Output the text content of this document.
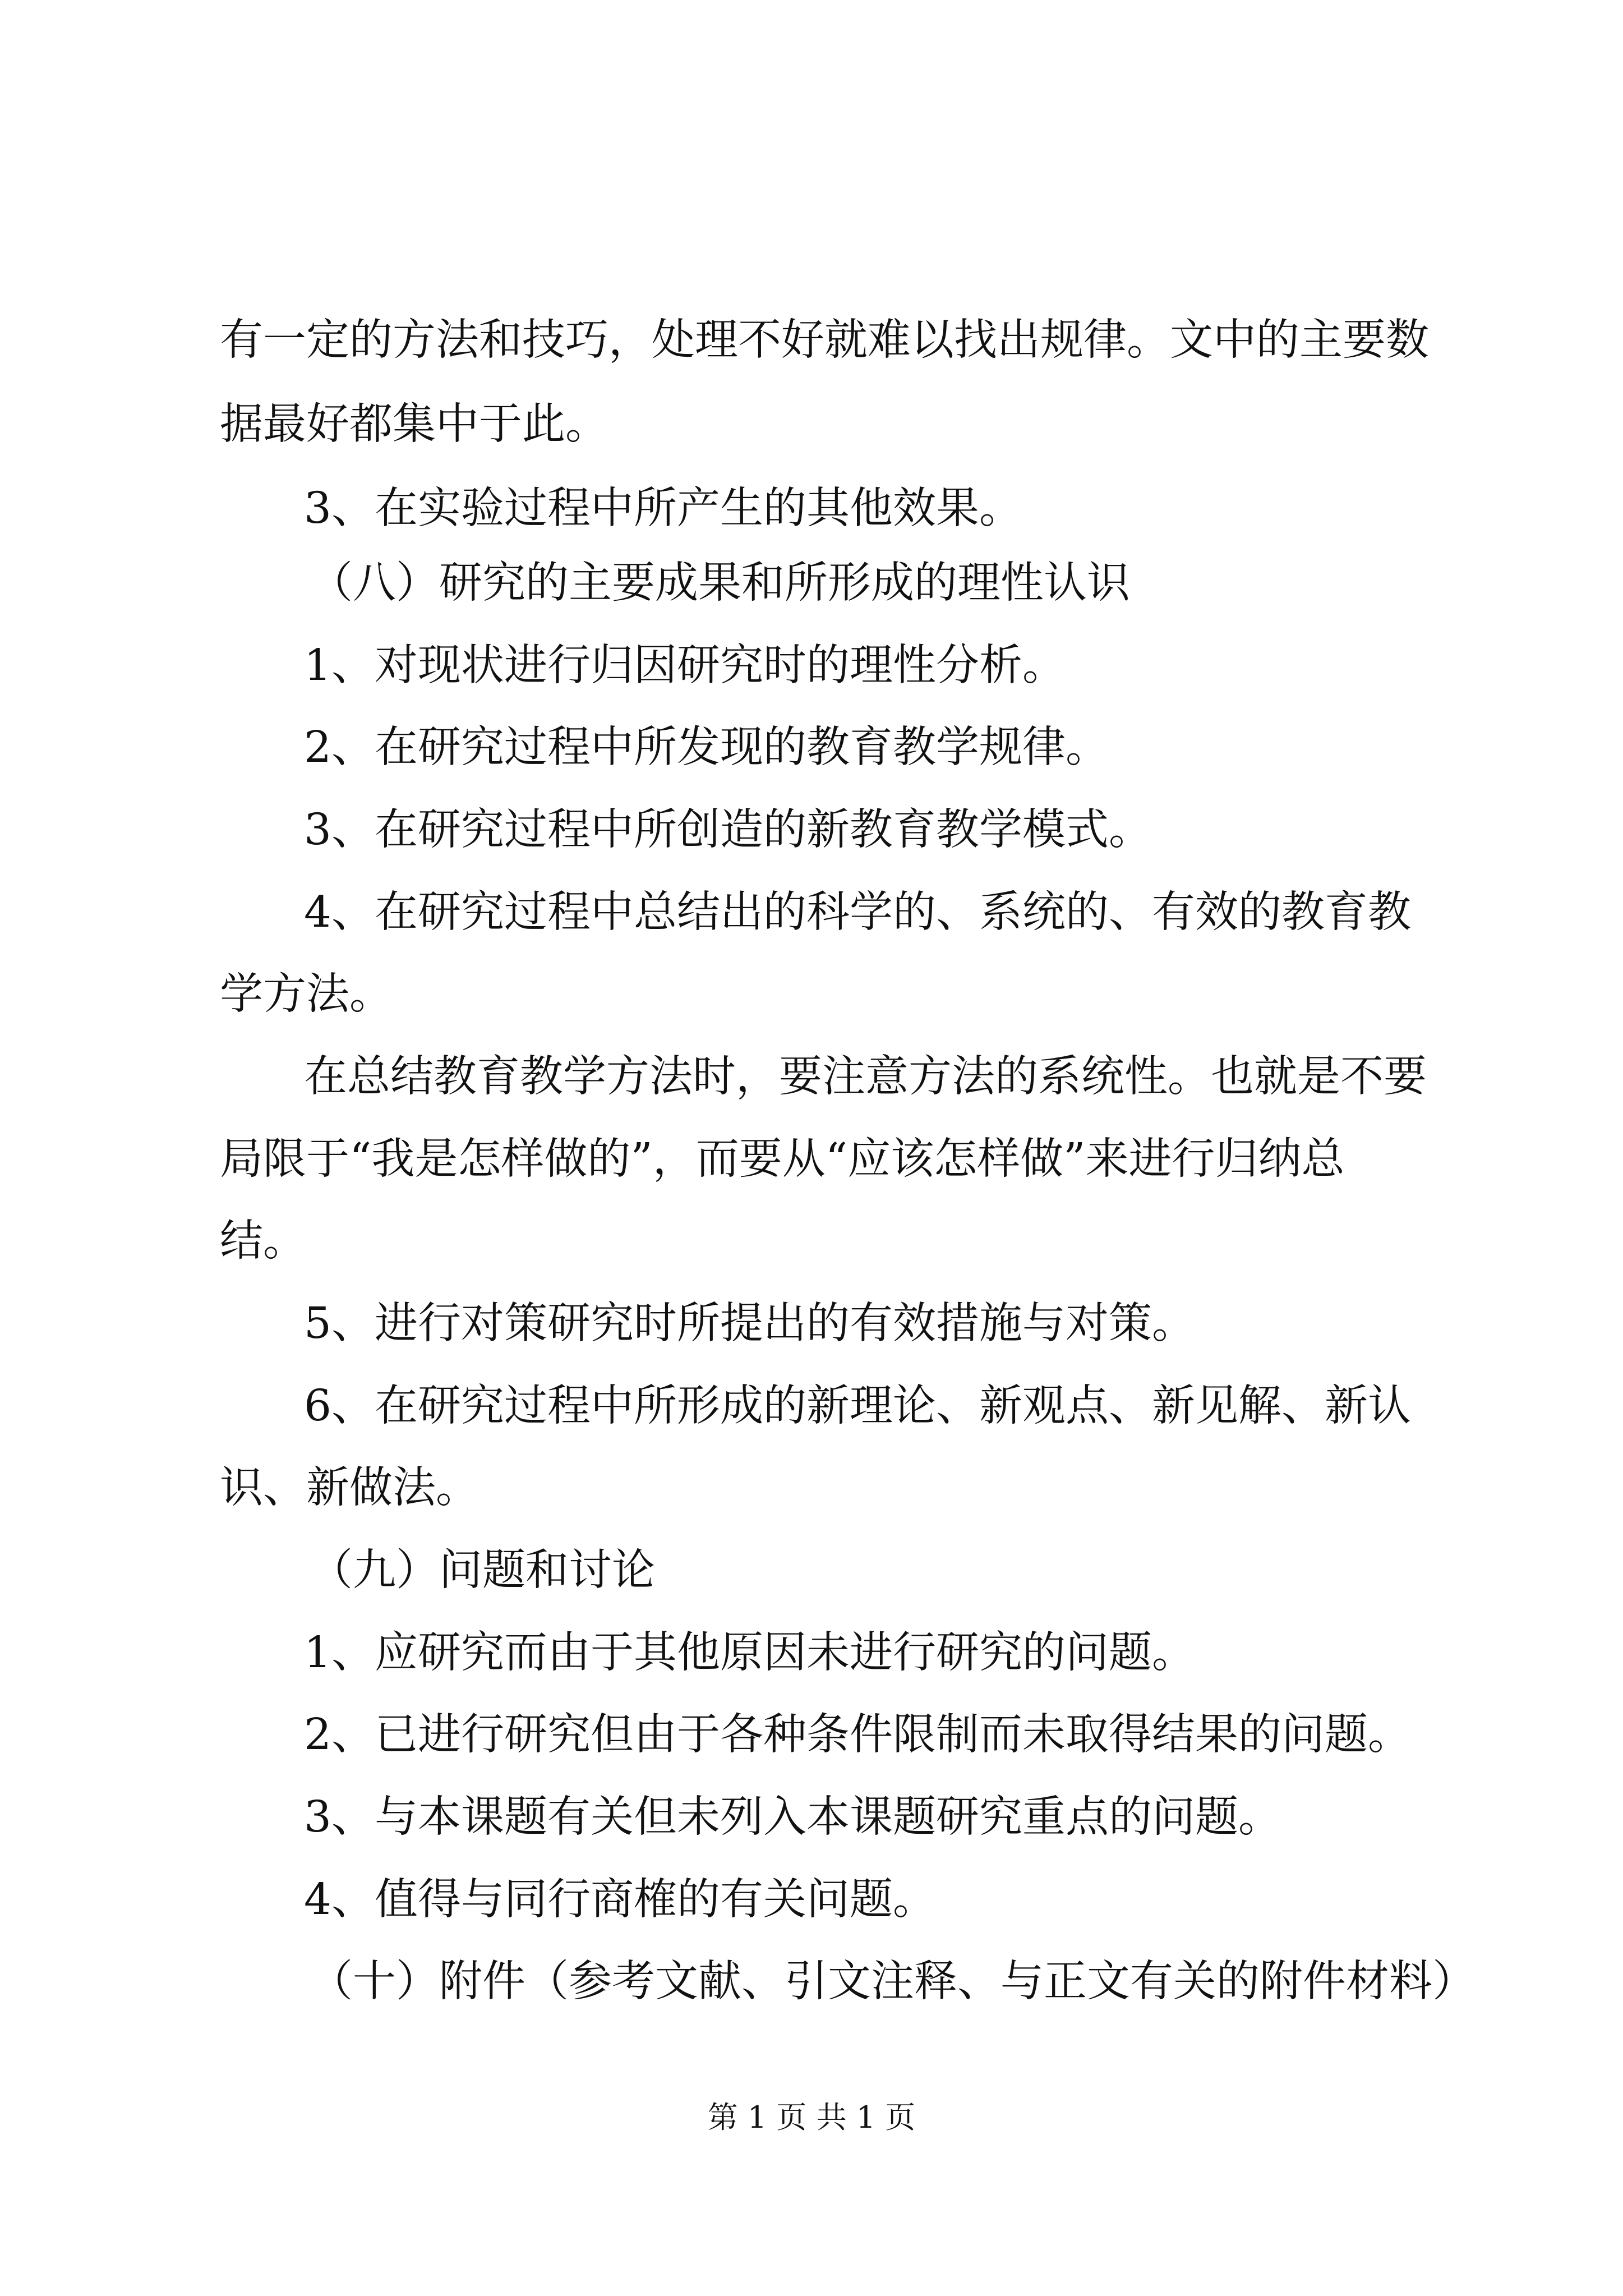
有一定的方法和技巧，处理不好就难以找出规律。文中的主要数
据最好都集中于此。
3、在实验过程中所产生的其他效果。
（八）研究的主要成果和所形成的理性认识
1、对现状进行归因研究时的理性分析。
2、在研究过程中所发现的教育教学规律。
3、在研究过程中所创造的新教育教学模式。
4、在研究过程中总结出的科学的、系统的、有效的教育教
学方法。
在总结教育教学方法时，要注意方法的系统性。也就是不要
局限于“我是怎样做的”，而要从“应该怎样做”来进行归纳总
结。
5、进行对策研究时所提出的有效措施与对策。
6、在研究过程中所形成的新理论、新观点、新见解、新认
识、新做法。
（九）问题和讨论
1、应研究而由于其他原因未进行研究的问题。
2、已进行研究但由于各种条件限制而未取得结果的问题。
3、与本课题有关但未列入本课题研究重点的问题。
4、值得与同行商榷的有关问题。
（十）附件（参考文献、引文注释、与正文有关的附件材料）
第 1 页 共 1 页
